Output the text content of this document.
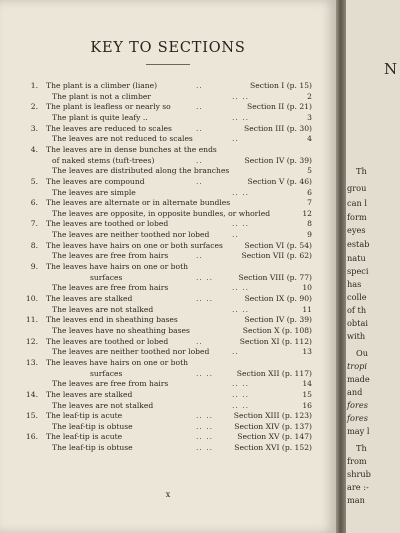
KEY TO SECTIONS
1. The plant is a climber (liane)	..	Section I (p. 15)
The plant is not a climber	.. ..	2
2. The plant is leafless or nearly so	..	Section II (p. 21)
The plant is quite leafy ..	.. ..	3
3. The leaves are reduced to scales	..	Section III (p. 30)
The leaves are not reduced to scales	..	4
4. The leaves are in dense bunches at the ends
of naked stems (tuft-trees)	..	Section IV (p. 39)
The leaves are distributed along the branches	5
5. The leaves are compound	..	Section V (p. 46)
The leaves are simple	.. ..	6
6. The leaves are alternate or in alternate bundles	7
The leaves are opposite, in opposite bundles, or whorled	12
7. The leaves are toothed or lobed	.. ..	8
The leaves are neither toothed nor lobed	..	9
8. The leaves have hairs on one or both surfaces	Section VI (p. 54)
The leaves are free from hairs	..	Section VII (p. 62)
9. The leaves have hairs on one or both
surfaces	.. ..	Section VIII (p. 77)
The leaves are free from hairs	.. ..	10
10. The leaves are stalked	.. ..	Section IX (p. 90)
The leaves are not stalked	.. ..	11
11. The leaves end in sheathing bases	Section IV (p. 39)
The leaves have no sheathing bases	Section X (p. 108)
12. The leaves are toothed or lobed	..	Section XI (p. 112)
The leaves are neither toothed nor lobed	..	13
13. The leaves have hairs on one or both
surfaces	.. ..	Section XII (p. 117)
The leaves are free from hairs	.. ..	14
14. The leaves are stalked	.. ..	15
The leaves are not stalked	.. ..	16
15. The leaf-tip is acute	.. ..	Section XIII (p. 123)
The leaf-tip is obtuse	.. ..	Section XIV (p. 137)
16. The leaf-tip is acute	.. ..	Section XV (p. 147)
The leaf-tip is obtuse	.. ..	Section XVI (p. 152)
x
N
Th
grou
can l
form
eyes
estab
natu
speci
has
colle
of th
obtai
with
Ou
tropi
made
and
fores
fores
may l
Th
from
shrub
are :-
man
